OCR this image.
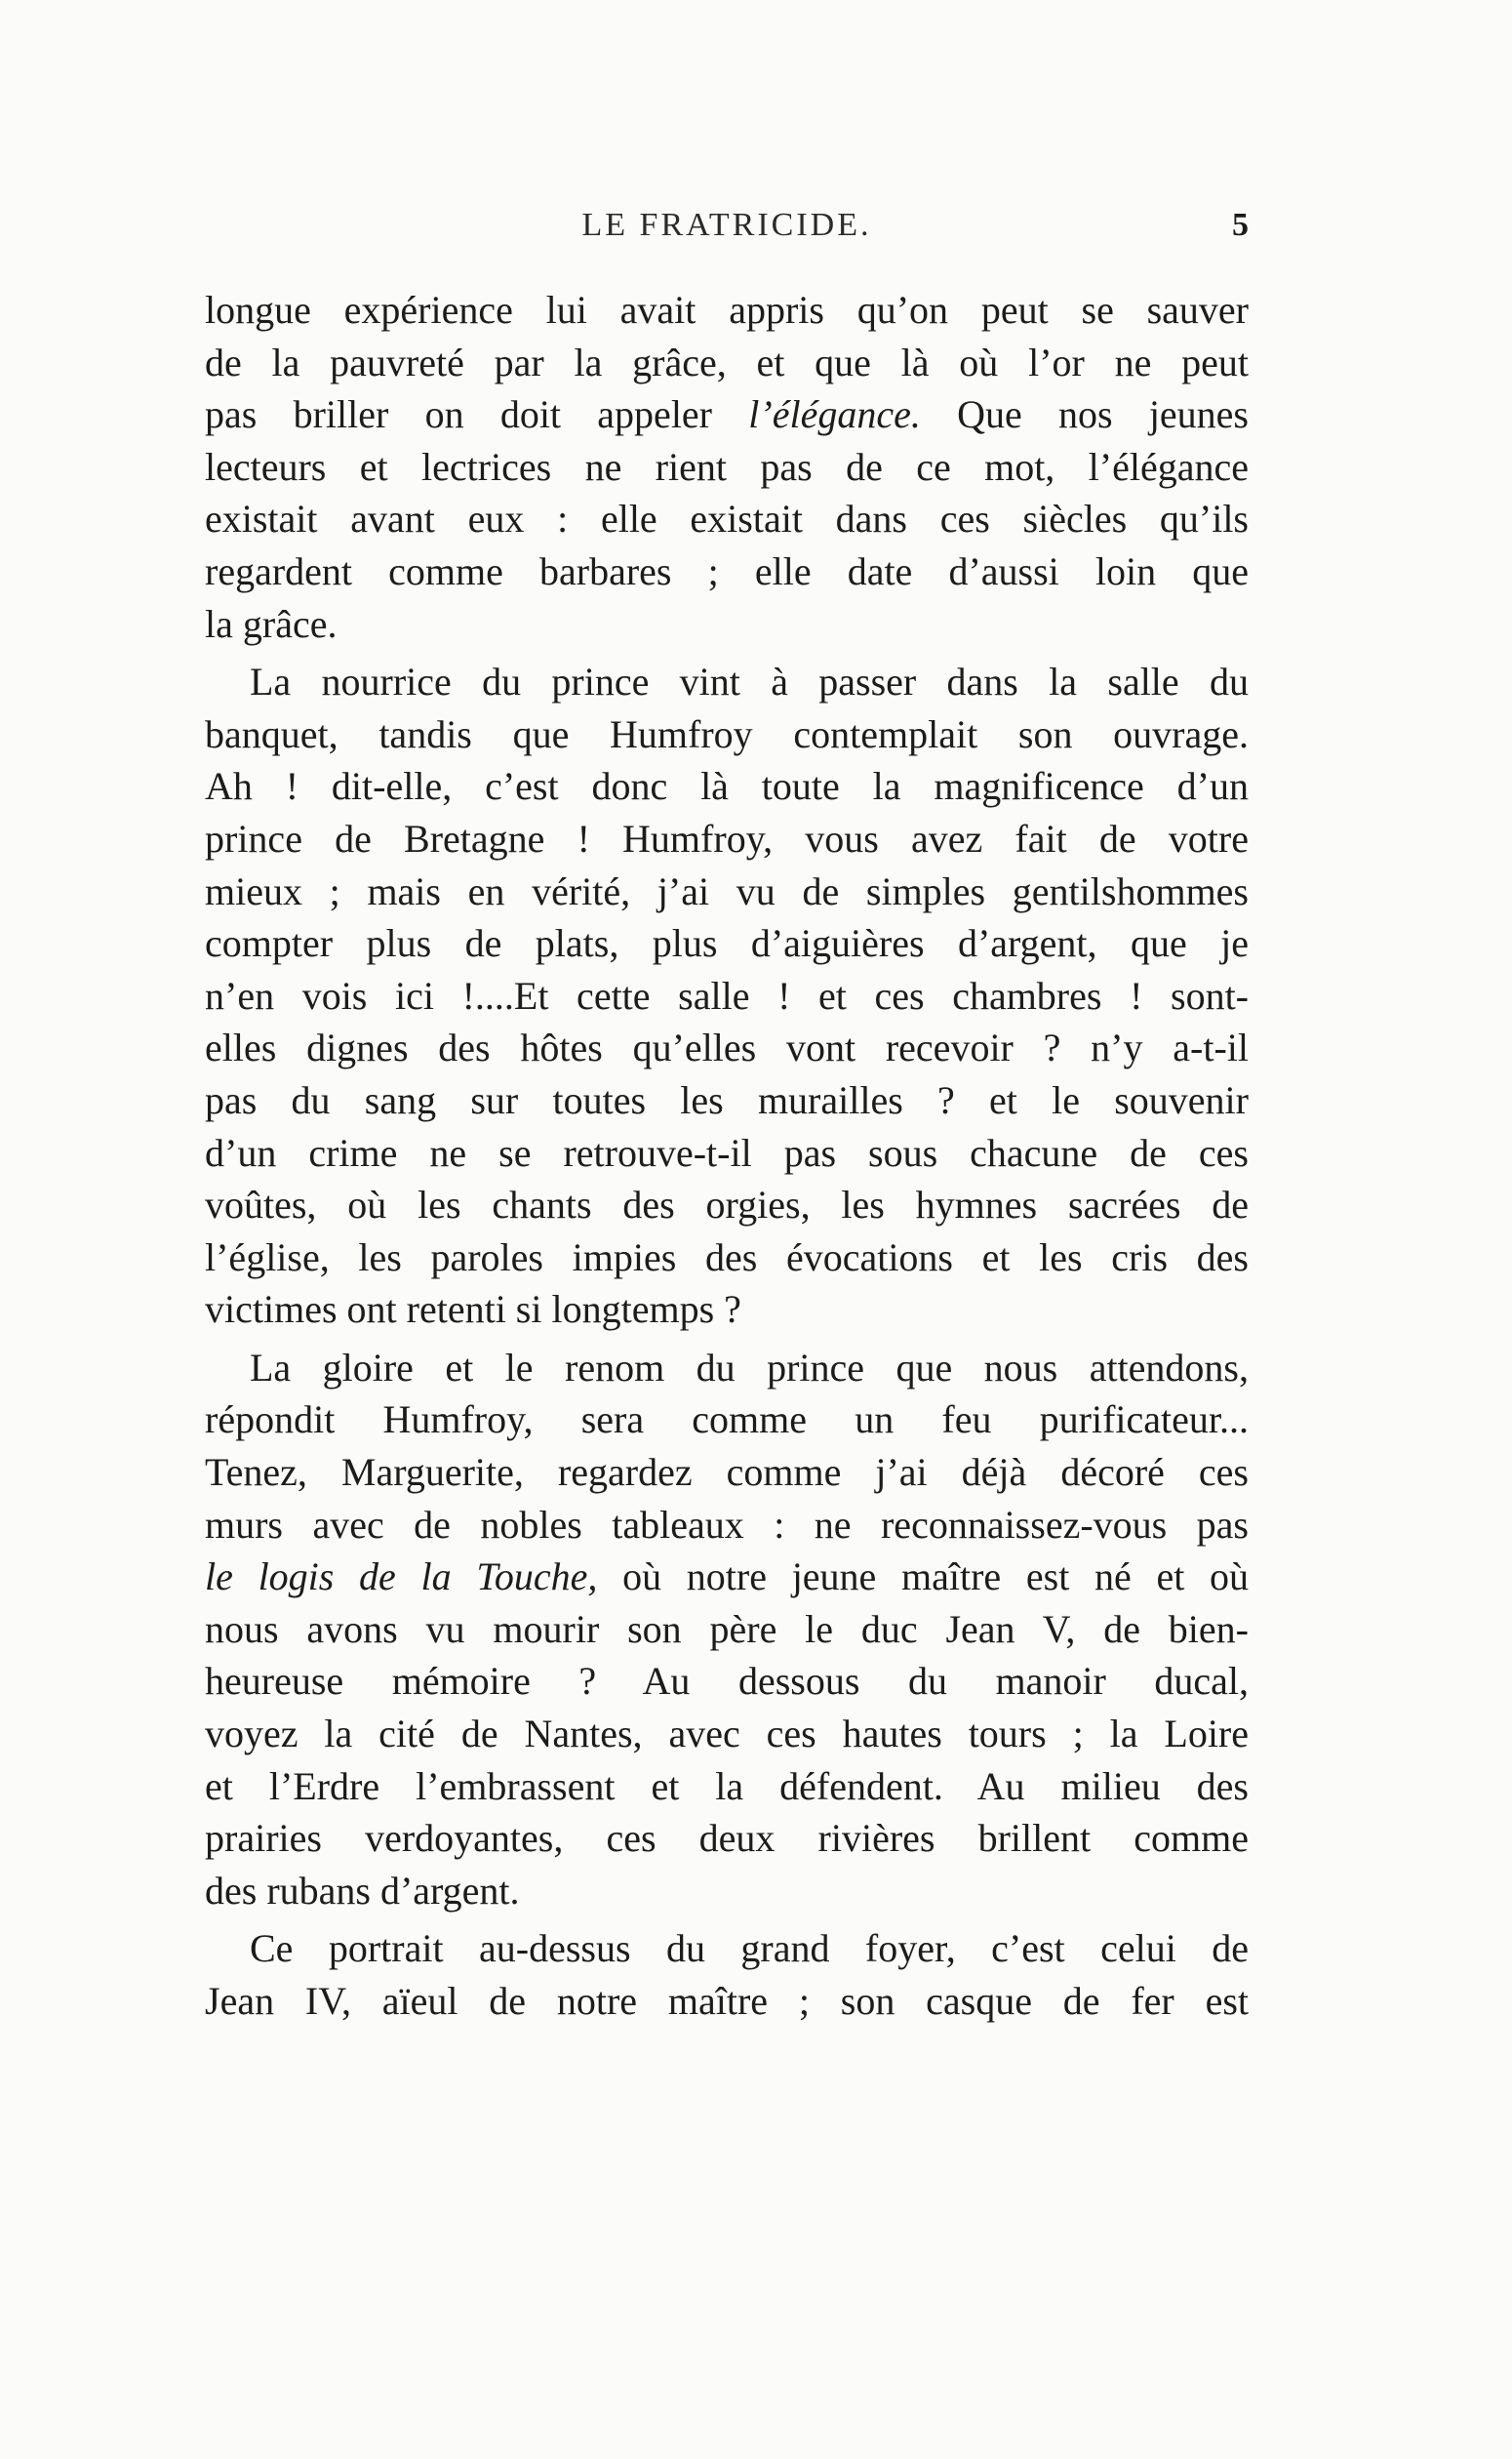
LE FRATRICIDE.	5

longue expérience lui avait appris qu’on peut se sauver
de la pauvreté par la grâce, et que là où l’or ne peut
pas briller on doit appeler l’élégance. Que nos jeunes
lecteurs et lectrices ne rient pas de ce mot, l’élégance
existait avant eux : elle existait dans ces siècles qu’ils
regardent comme barbares ; elle date d’aussi loin que
la grâce.

La nourrice du prince vint à passer dans la salle du
banquet, tandis que Humfroy contemplait son ouvrage.
Ah ! dit-elle, c’est donc là toute la magnificence d’un
prince de Bretagne ! Humfroy, vous avez fait de votre
mieux ; mais en vérité, j’ai vu de simples gentilshommes
compter plus de plats, plus d’aiguières d’argent, que je
n’en vois ici !....Et cette salle ! et ces chambres ! sont-
elles dignes des hôtes qu’elles vont recevoir ? n’y a-t-il
pas du sang sur toutes les murailles ? et le souvenir
d’un crime ne se retrouve-t-il pas sous chacune de ces
voûtes, où les chants des orgies, les hymnes sacrées de
l’église, les paroles impies des évocations et les cris des
victimes ont retenti si longtemps ?

La gloire et le renom du prince que nous attendons,
répondit Humfroy, sera comme un feu purificateur...
Tenez, Marguerite, regardez comme j’ai déjà décoré ces
murs avec de nobles tableaux : ne reconnaissez-vous pas
le logis de la Touche, où notre jeune maître est né et où
nous avons vu mourir son père le duc Jean V, de bien-
heureuse mémoire ? Au dessous du manoir ducal,
voyez la cité de Nantes, avec ces hautes tours ; la Loire
et l’Erdre l’embrassent et la défendent. Au milieu des
prairies verdoyantes, ces deux rivières brillent comme
des rubans d’argent.

Ce portrait au-dessus du grand foyer, c’est celui de
Jean IV, aïeul de notre maître ; son casque de fer est
